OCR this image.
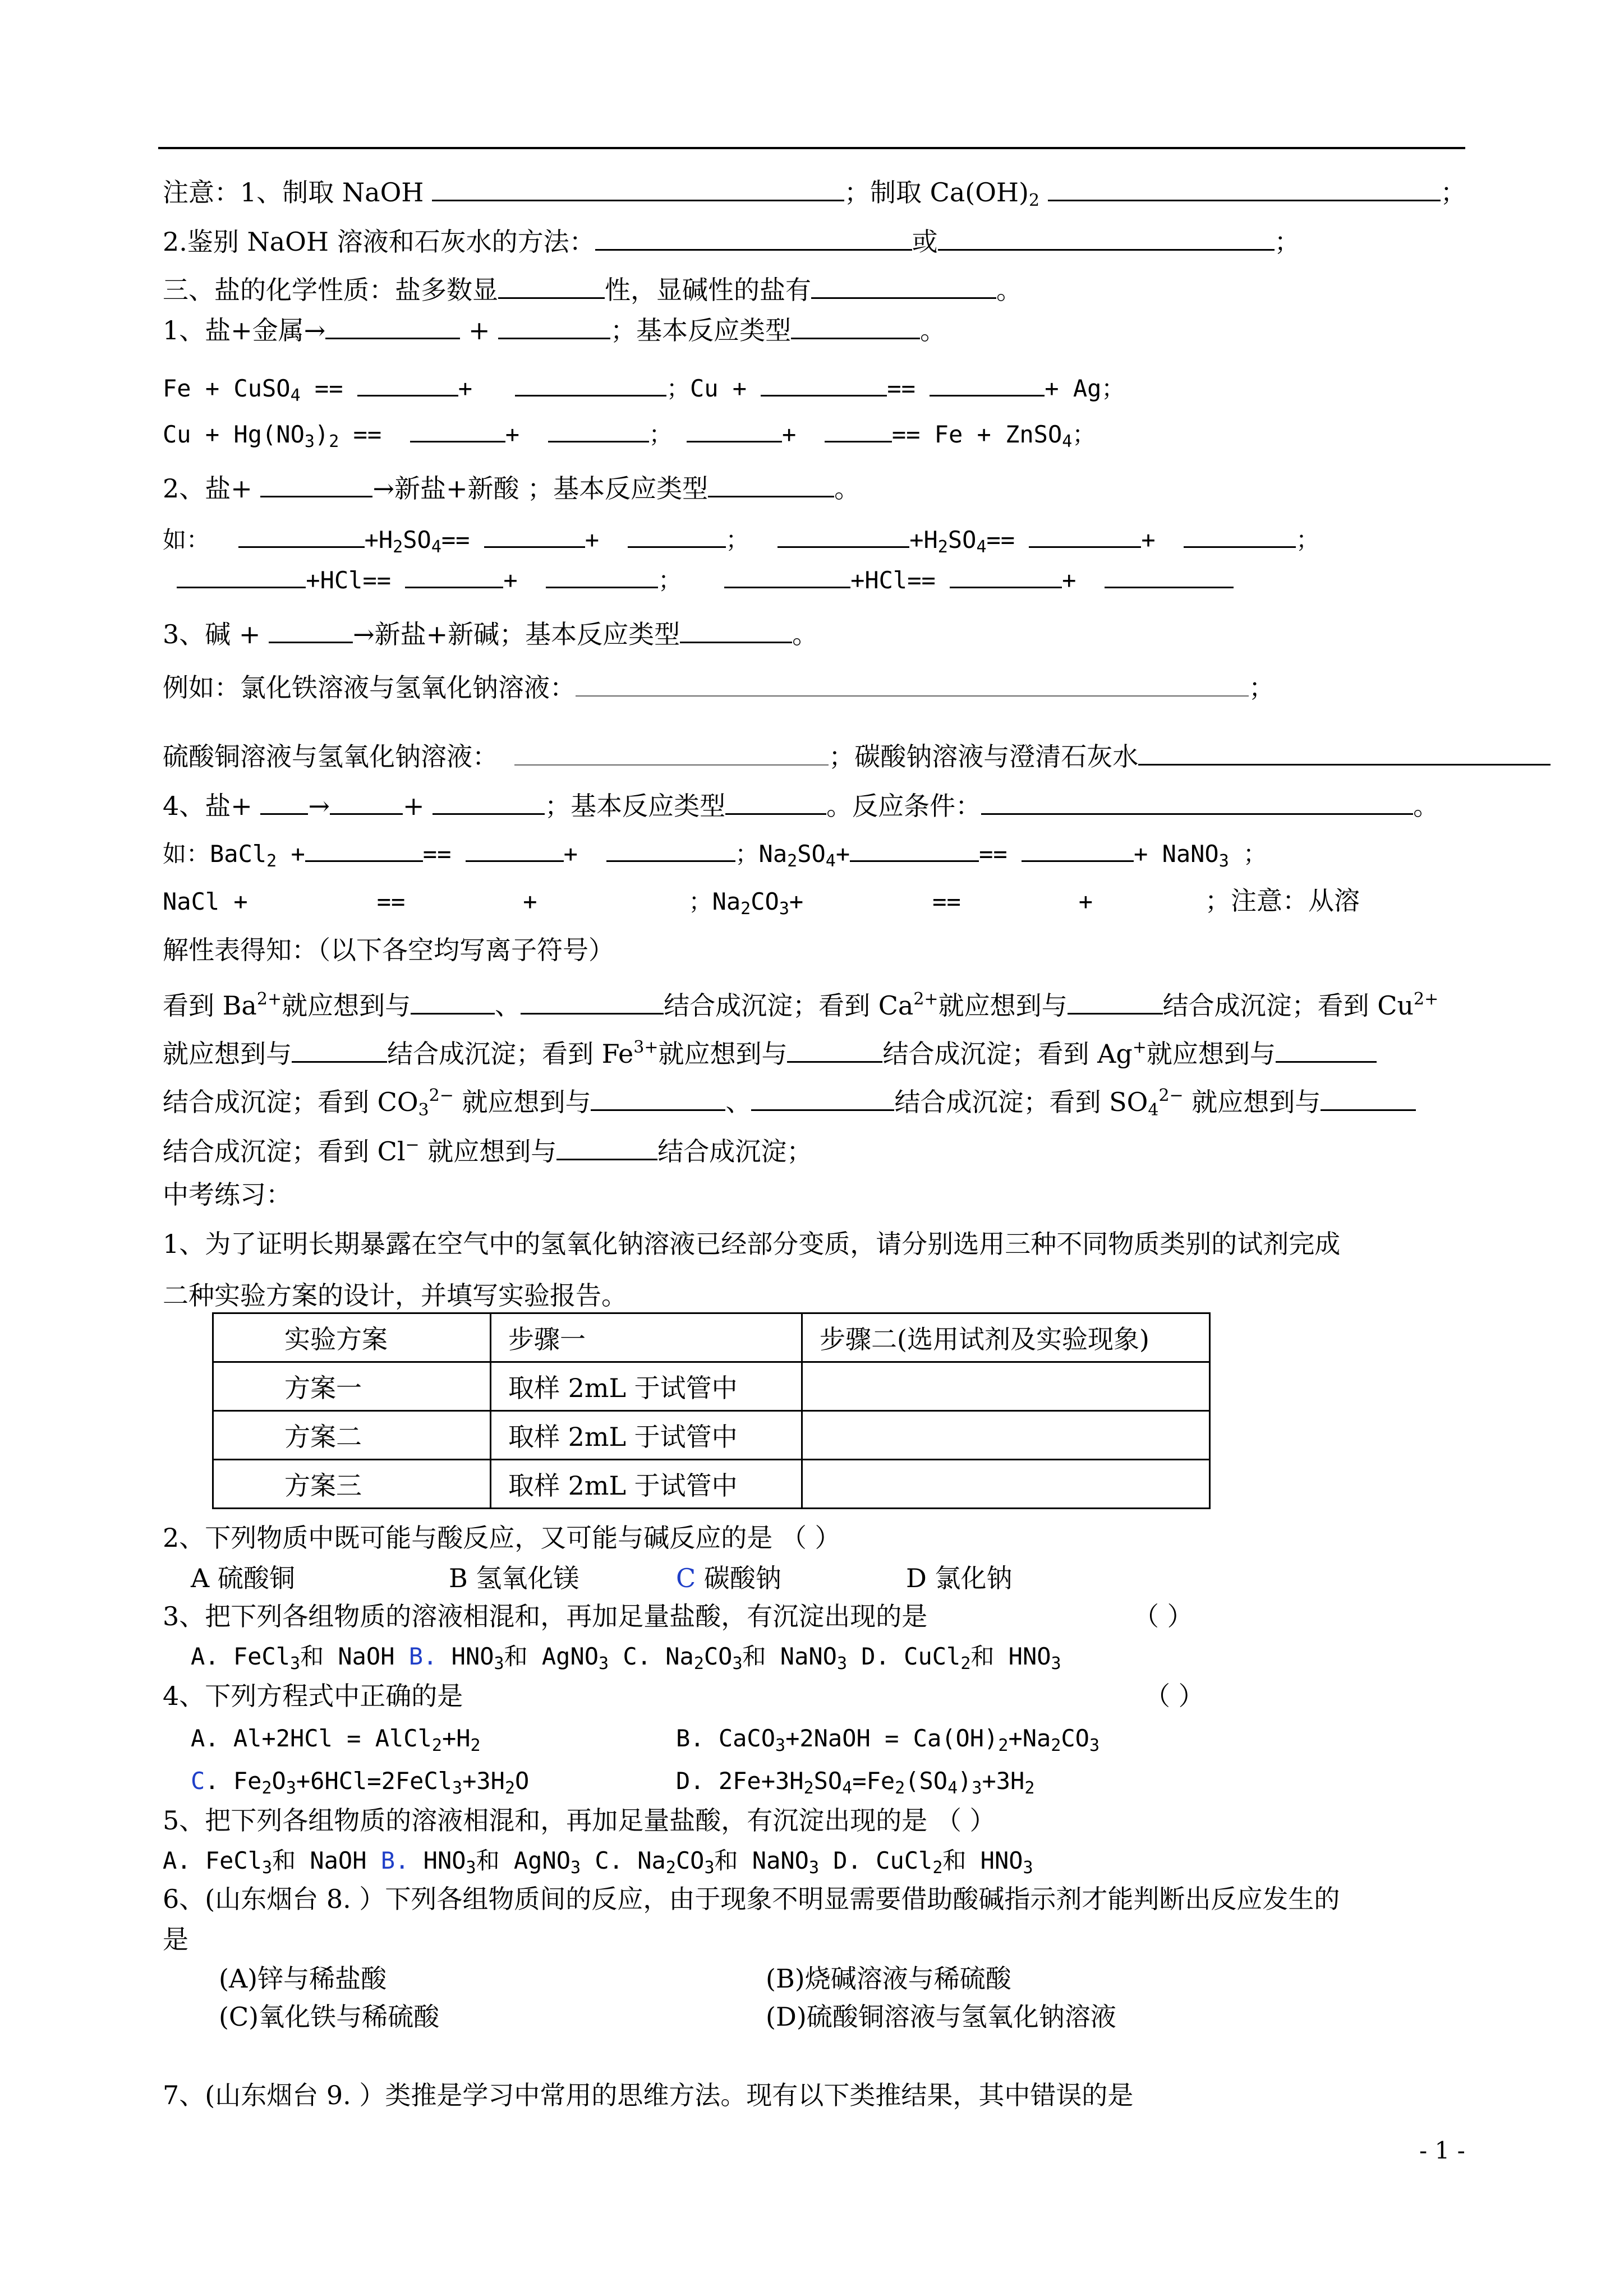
注意：1、制取 NaOH	；制取 $Ca(OH)_2$	；
2.鉴别 NaOH 溶液和石灰水的方法：	或	；
三、盐的化学性质：盐多数显	性，显碱性的盐有	。
1、盐+金属→	+	；基本反应类型	。
Fe + CuSO$_4$ ==	+	；Cu +	==	+ Ag；
$Cu + Hg(NO_3)_2$ ==	+	；	+	== Fe + ZnSO$_4$；
2、盐+	→新盐+新酸 ；基本反应类型	。
如：	$+H_2SO_4==$	+	；	$+H_2SO_4==$	+	；
+HCl==	+	；	+HCl==	+
3、碱 +	→新盐+新碱；基本反应类型	。
例如：氯化铁溶液与氢氧化钠溶液：	；
硫酸铜溶液与氢氧化钠溶液：	；碳酸钠溶液与澄清石灰水
4、盐+ →	+	；基本反应类型	。反应条件：	。
如：BaCl$_2$ +	==	+	；$Na_2SO_4+$	==	+ NaNO$_3$ ；
NaCl +	==	+	；$Na_2CO_3+$	==	+	；注意：从溶
解性表得知：（以下各空均写离子符号）
看到 $Ba^{2+}$就应想到与	、	结合成沉淀；看到 $Ca^{2+}$就应想到与	结合成沉淀；看到 $Cu^{2+}$
就应想到与	结合成沉淀；看到 $Fe^{3+}$就应想到与	结合成沉淀；看到 Ag+就应想到与
结合成沉淀；看到 $CO_3^{2-}$ 就应想到与	、	结合成沉淀；看到 $SO_4^{2-}$ 就应想到与
结合成沉淀；看到 Cl− 就应想到与	结合成沉淀；
中考练习：
1、为了证明长期暴露在空气中的氢氧化钠溶液已经部分变质，请分别选用三种不同物质类别的试剂完成
二种实验方案的设计，并填写实验报告。
实验方案	步骤一	步骤二(选用试剂及实验现象)
方案一	取样 2mL 于试管中	
方案二	取样 2mL 于试管中	
方案三	取样 2mL 于试管中	
2、下列物质中既可能与酸反应，又可能与碱反应的是 （ ）
A 硫酸铜	B 氢氧化镁	C 碳酸钠	D 氯化钠
3、把下列各组物质的溶液相混和，再加足量盐酸，有沉淀出现的是	（ ）
A. FeCl$_3$和 NaOH B. $HNO_3$和 AgNO$_3$ C. $Na_2CO_3$和 NaNO$_3$ D. CuCl$_2$和 $HNO_3$
4、下列方程式中正确的是	（ ）
A. $Al+2HCl = AlCl_2+H_2$	B. CaCO$_3$+2NaOH = $Ca(OH)_2+Na_2CO_3$
C. $Fe_2O_3+6HCl=2FeCl_3+3H_2O$	D. $2Fe+3H_2SO_4=Fe_2(SO_4)_3+3H_2$
5、把下列各组物质的溶液相混和，再加足量盐酸，有沉淀出现的是 （ ）
A. FeCl$_3$和 NaOH B. $HNO_3$和 AgNO$_3$ C. $Na_2CO_3$和 NaNO$_3$ D. CuCl$_2$和 $HNO_3$
6、(山东烟台 8. ）下列各组物质间的反应，由于现象不明显需要借助酸碱指示剂才能判断出反应发生的
是
(A)锌与稀盐酸	(B)烧碱溶液与稀硫酸
(C)氧化铁与稀硫酸	(D)硫酸铜溶液与氢氧化钠溶液
7、(山东烟台 9. ）类推是学习中常用的思维方法。现有以下类推结果，其中错误的是
- 1 -
